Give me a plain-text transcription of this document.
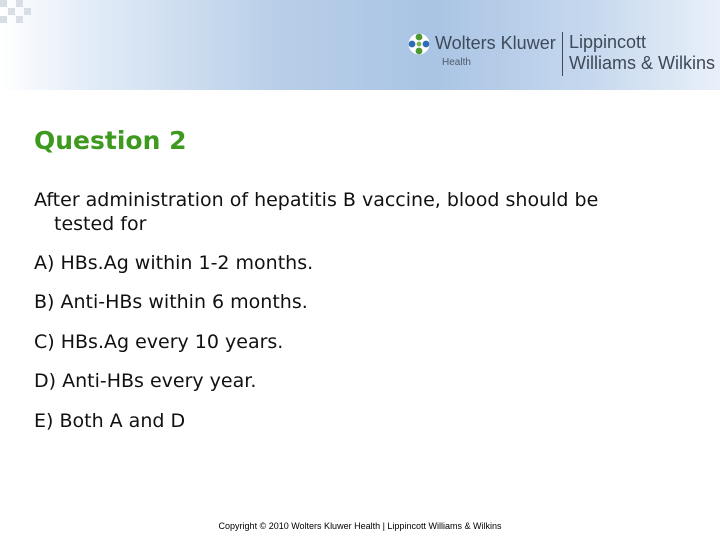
Wolters Kluwer
Health
Lippincott
Williams & Wilkins
Question 2
After administration of hepatitis B vaccine, blood should be
tested for
A) HBs.Ag within 1-2 months.
B) Anti-HBs within 6 months.
C) HBs.Ag every 10 years.
D) Anti-HBs every year.
E) Both A and D
Copyright © 2010 Wolters Kluwer Health | Lippincott Williams & Wilkins
